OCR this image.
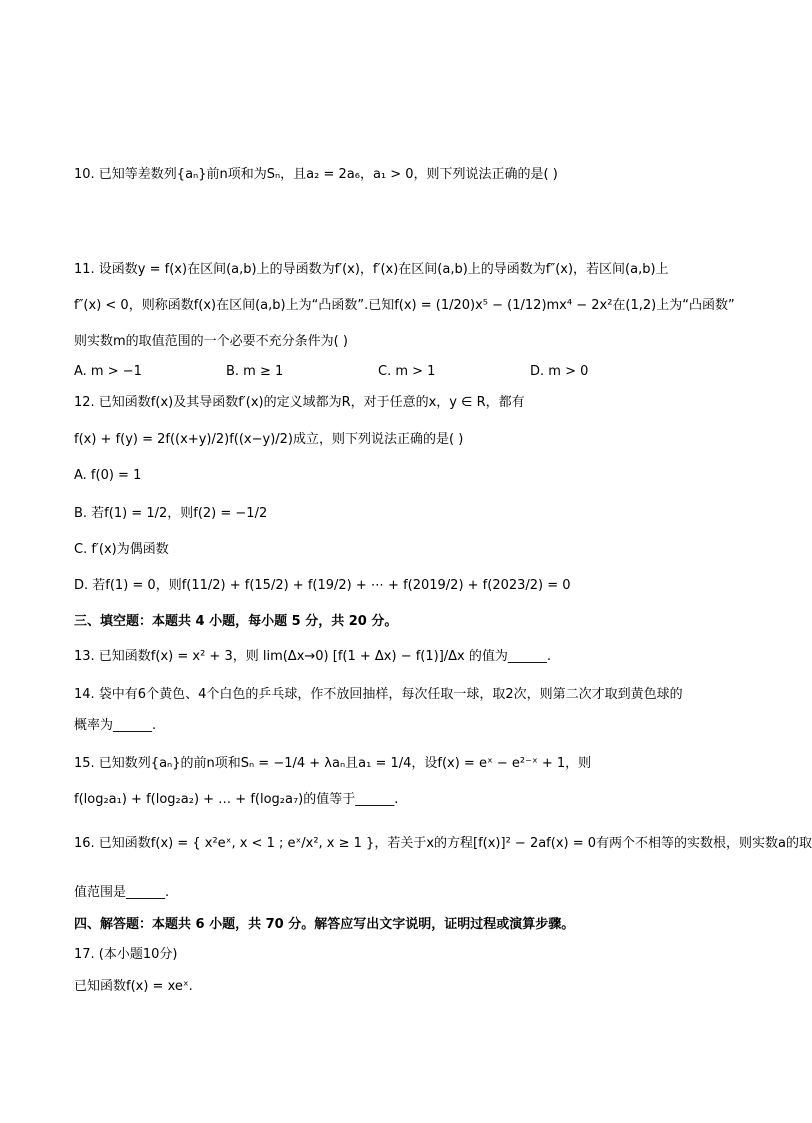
10. 已知等差数列{aₙ}前n项和为Sₙ，且a₂ = 2a₆，a₁ > 0，则下列说法正确的是( )
11. 设函数y = f(x)在区间(a,b)上的导函数为f′(x)，f′(x)在区间(a,b)上的导函数为f″(x)，若区间(a,b)上
f″(x) < 0，则称函数f(x)在区间(a,b)上为“凸函数”.已知f(x) = (1/20)x⁵ − (1/12)mx⁴ − 2x²在(1,2)上为“凸函数”
则实数m的取值范围的一个必要不充分条件为( )
A. m > −1	B. m ≥ 1	C. m > 1	D. m > 0
12. 已知函数f(x)及其导函数f′(x)的定义域都为R，对于任意的x，y ∈ R，都有
f(x) + f(y) = 2f((x+y)/2)f((x−y)/2)成立，则下列说法正确的是( )
A. f(0) = 1
B. 若f(1) = 1/2，则f(2) = −1/2
C. f′(x)为偶函数
D. 若f(1) = 0，则f(11/2) + f(15/2) + f(19/2) + ⋯ + f(2019/2) + f(2023/2) = 0
三、填空题：本题共 4 小题，每小题 5 分，共 20 分。
13. 已知函数f(x) = x² + 3，则 lim(Δx→0) [f(1 + Δx) − f(1)]/Δx 的值为______.
14. 袋中有6个黄色、4个白色的乒乓球，作不放回抽样，每次任取一球，取2次，则第二次才取到黄色球的
概率为______.
15. 已知数列{aₙ}的前n项和Sₙ = −1/4 + λaₙ且a₁ = 1/4，设f(x) = eˣ − e²⁻ˣ + 1，则
f(log₂a₁) + f(log₂a₂) + … + f(log₂a₇)的值等于______.
16. 已知函数f(x) = { x²eˣ, x < 1 ; eˣ/x², x ≥ 1 }，若关于x的方程[f(x)]² − 2af(x) = 0有两个不相等的实数根，则实数a的取
值范围是______.
四、解答题：本题共 6 小题，共 70 分。解答应写出文字说明，证明过程或演算步骤。
17. (本小题10分)
已知函数f(x) = xeˣ.
